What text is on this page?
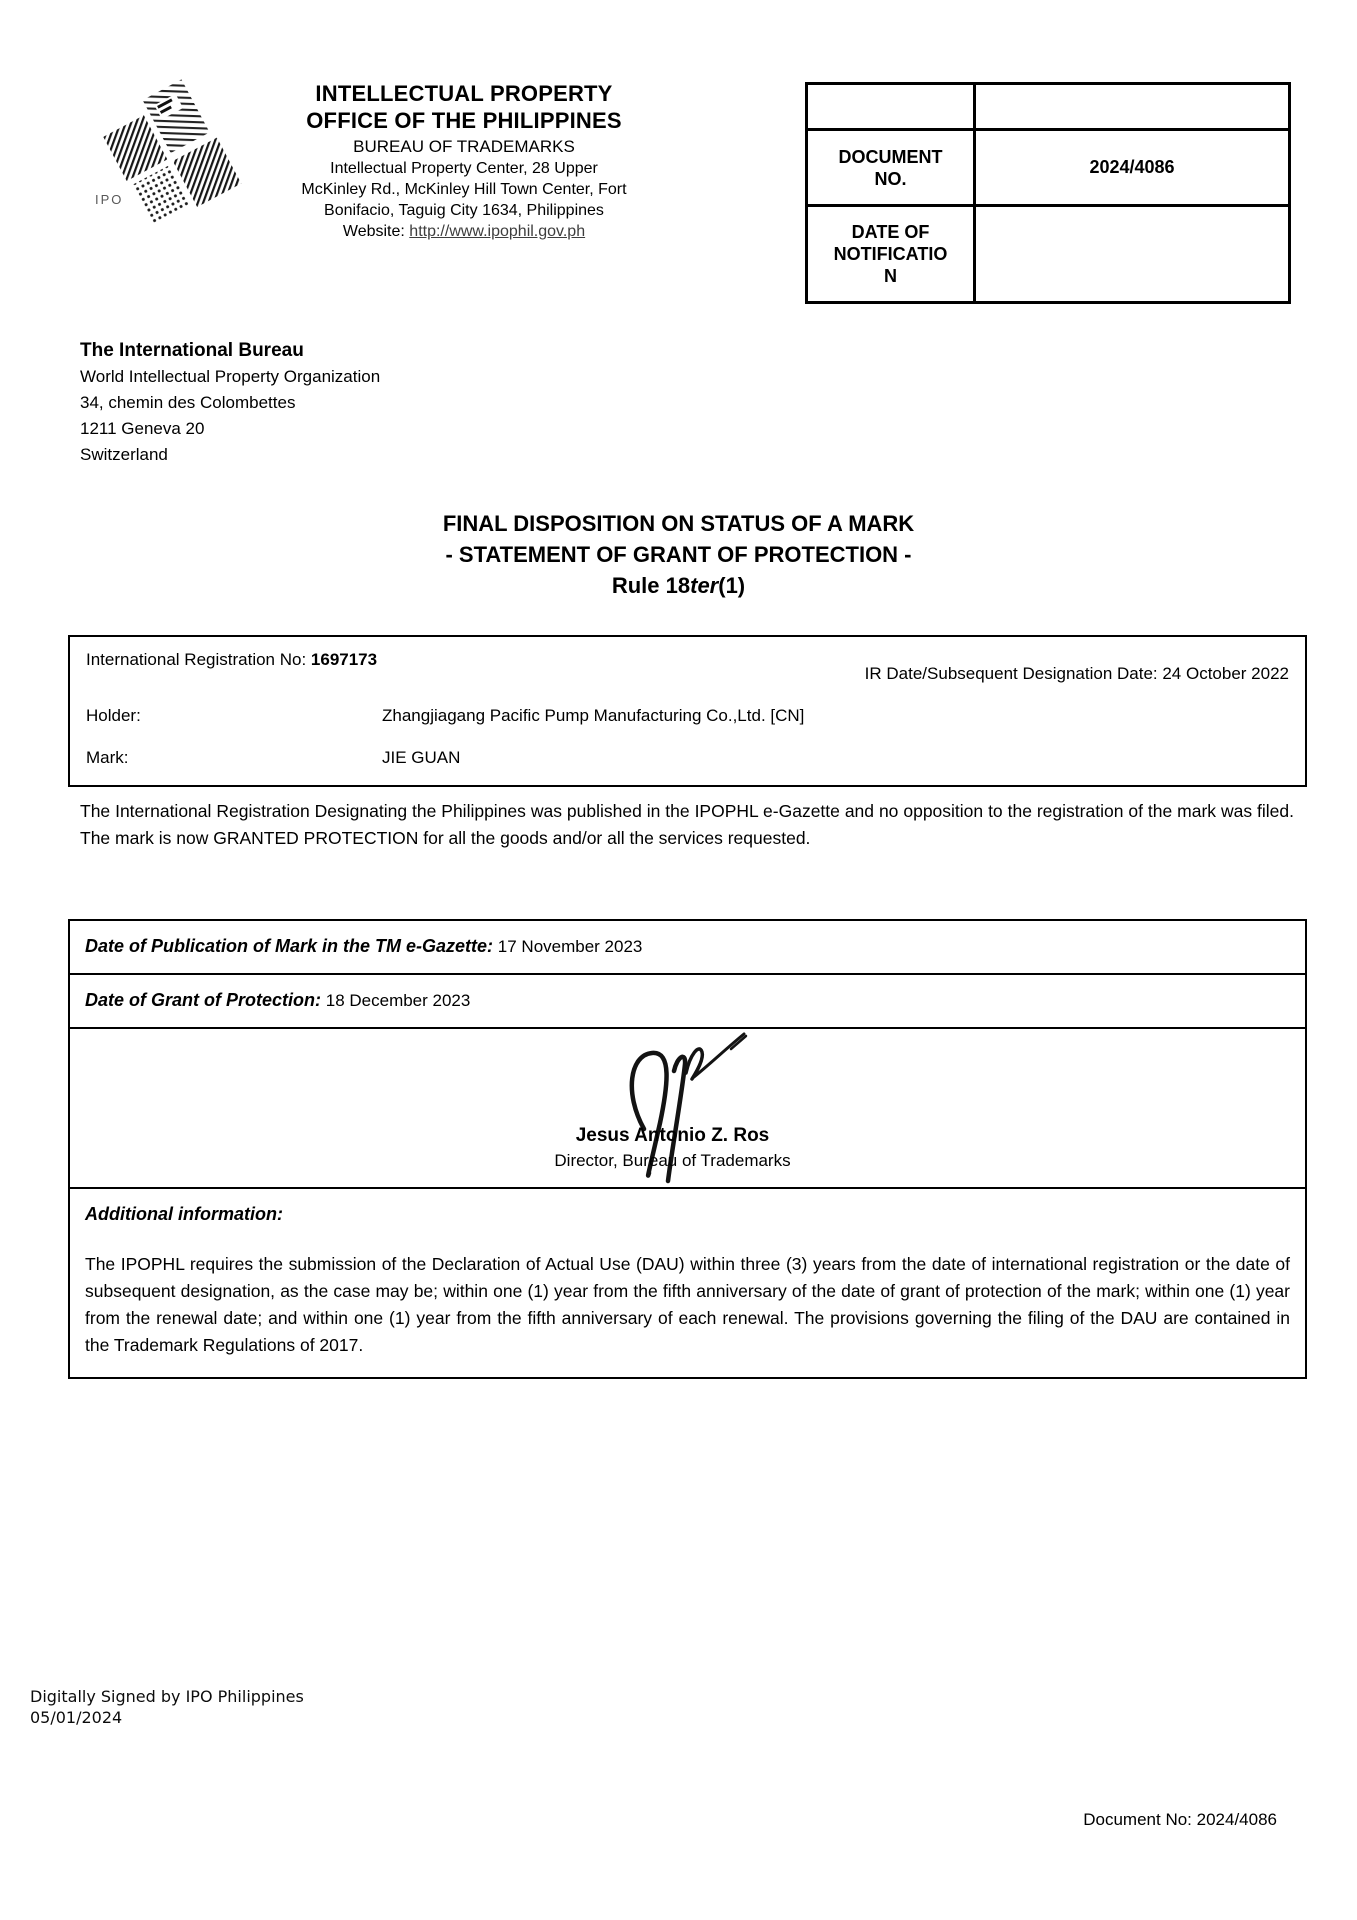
IPO
INTELLECTUAL PROPERTY
OFFICE OF THE PHILIPPINES
BUREAU OF TRADEMARKS
Intellectual Property Center, 28 Upper
McKinley Rd., McKinley Hill Town Center, Fort
Bonifacio, Taguig City 1634, Philippines
Website: http://www.ipophil.gov.ph

DOCUMENT NO.	2024/4086
DATE OF NOTIFICATION	
The International Bureau
World Intellectual Property Organization
34, chemin des Colombettes
1211 Geneva 20
Switzerland
FINAL DISPOSITION ON STATUS OF A MARK
- STATEMENT OF GRANT OF PROTECTION -
Rule 18ter(1)
International Registration No: 1697173
IR Date/Subsequent Designation Date: 24 October 2022
Holder:	Zhangjiagang Pacific Pump Manufacturing Co.,Ltd. [CN]
Mark:	JIE GUAN
The International Registration Designating the Philippines was published in the IPOPHL e-Gazette and no opposition to the registration of the mark was filed. The mark is now GRANTED PROTECTION for all the goods and/or all the services requested.
Date of Publication of Mark in the TM e-Gazette: 17 November 2023
Date of Grant of Protection: 18 December 2023
Jesus Antonio Z. Ros
Director, Bureau of Trademarks
Additional information:
The IPOPHL requires the submission of the Declaration of Actual Use (DAU) within three (3) years from the date of international registration or the date of subsequent designation, as the case may be; within one (1) year from the fifth anniversary of the date of grant of protection of the mark; within one (1) year from the renewal date; and within one (1) year from the fifth anniversary of each renewal. The provisions governing the filing of the DAU are contained in the Trademark Regulations of 2017.
Digitally Signed by IPO Philippines
05/01/2024
Document No: 2024/4086
